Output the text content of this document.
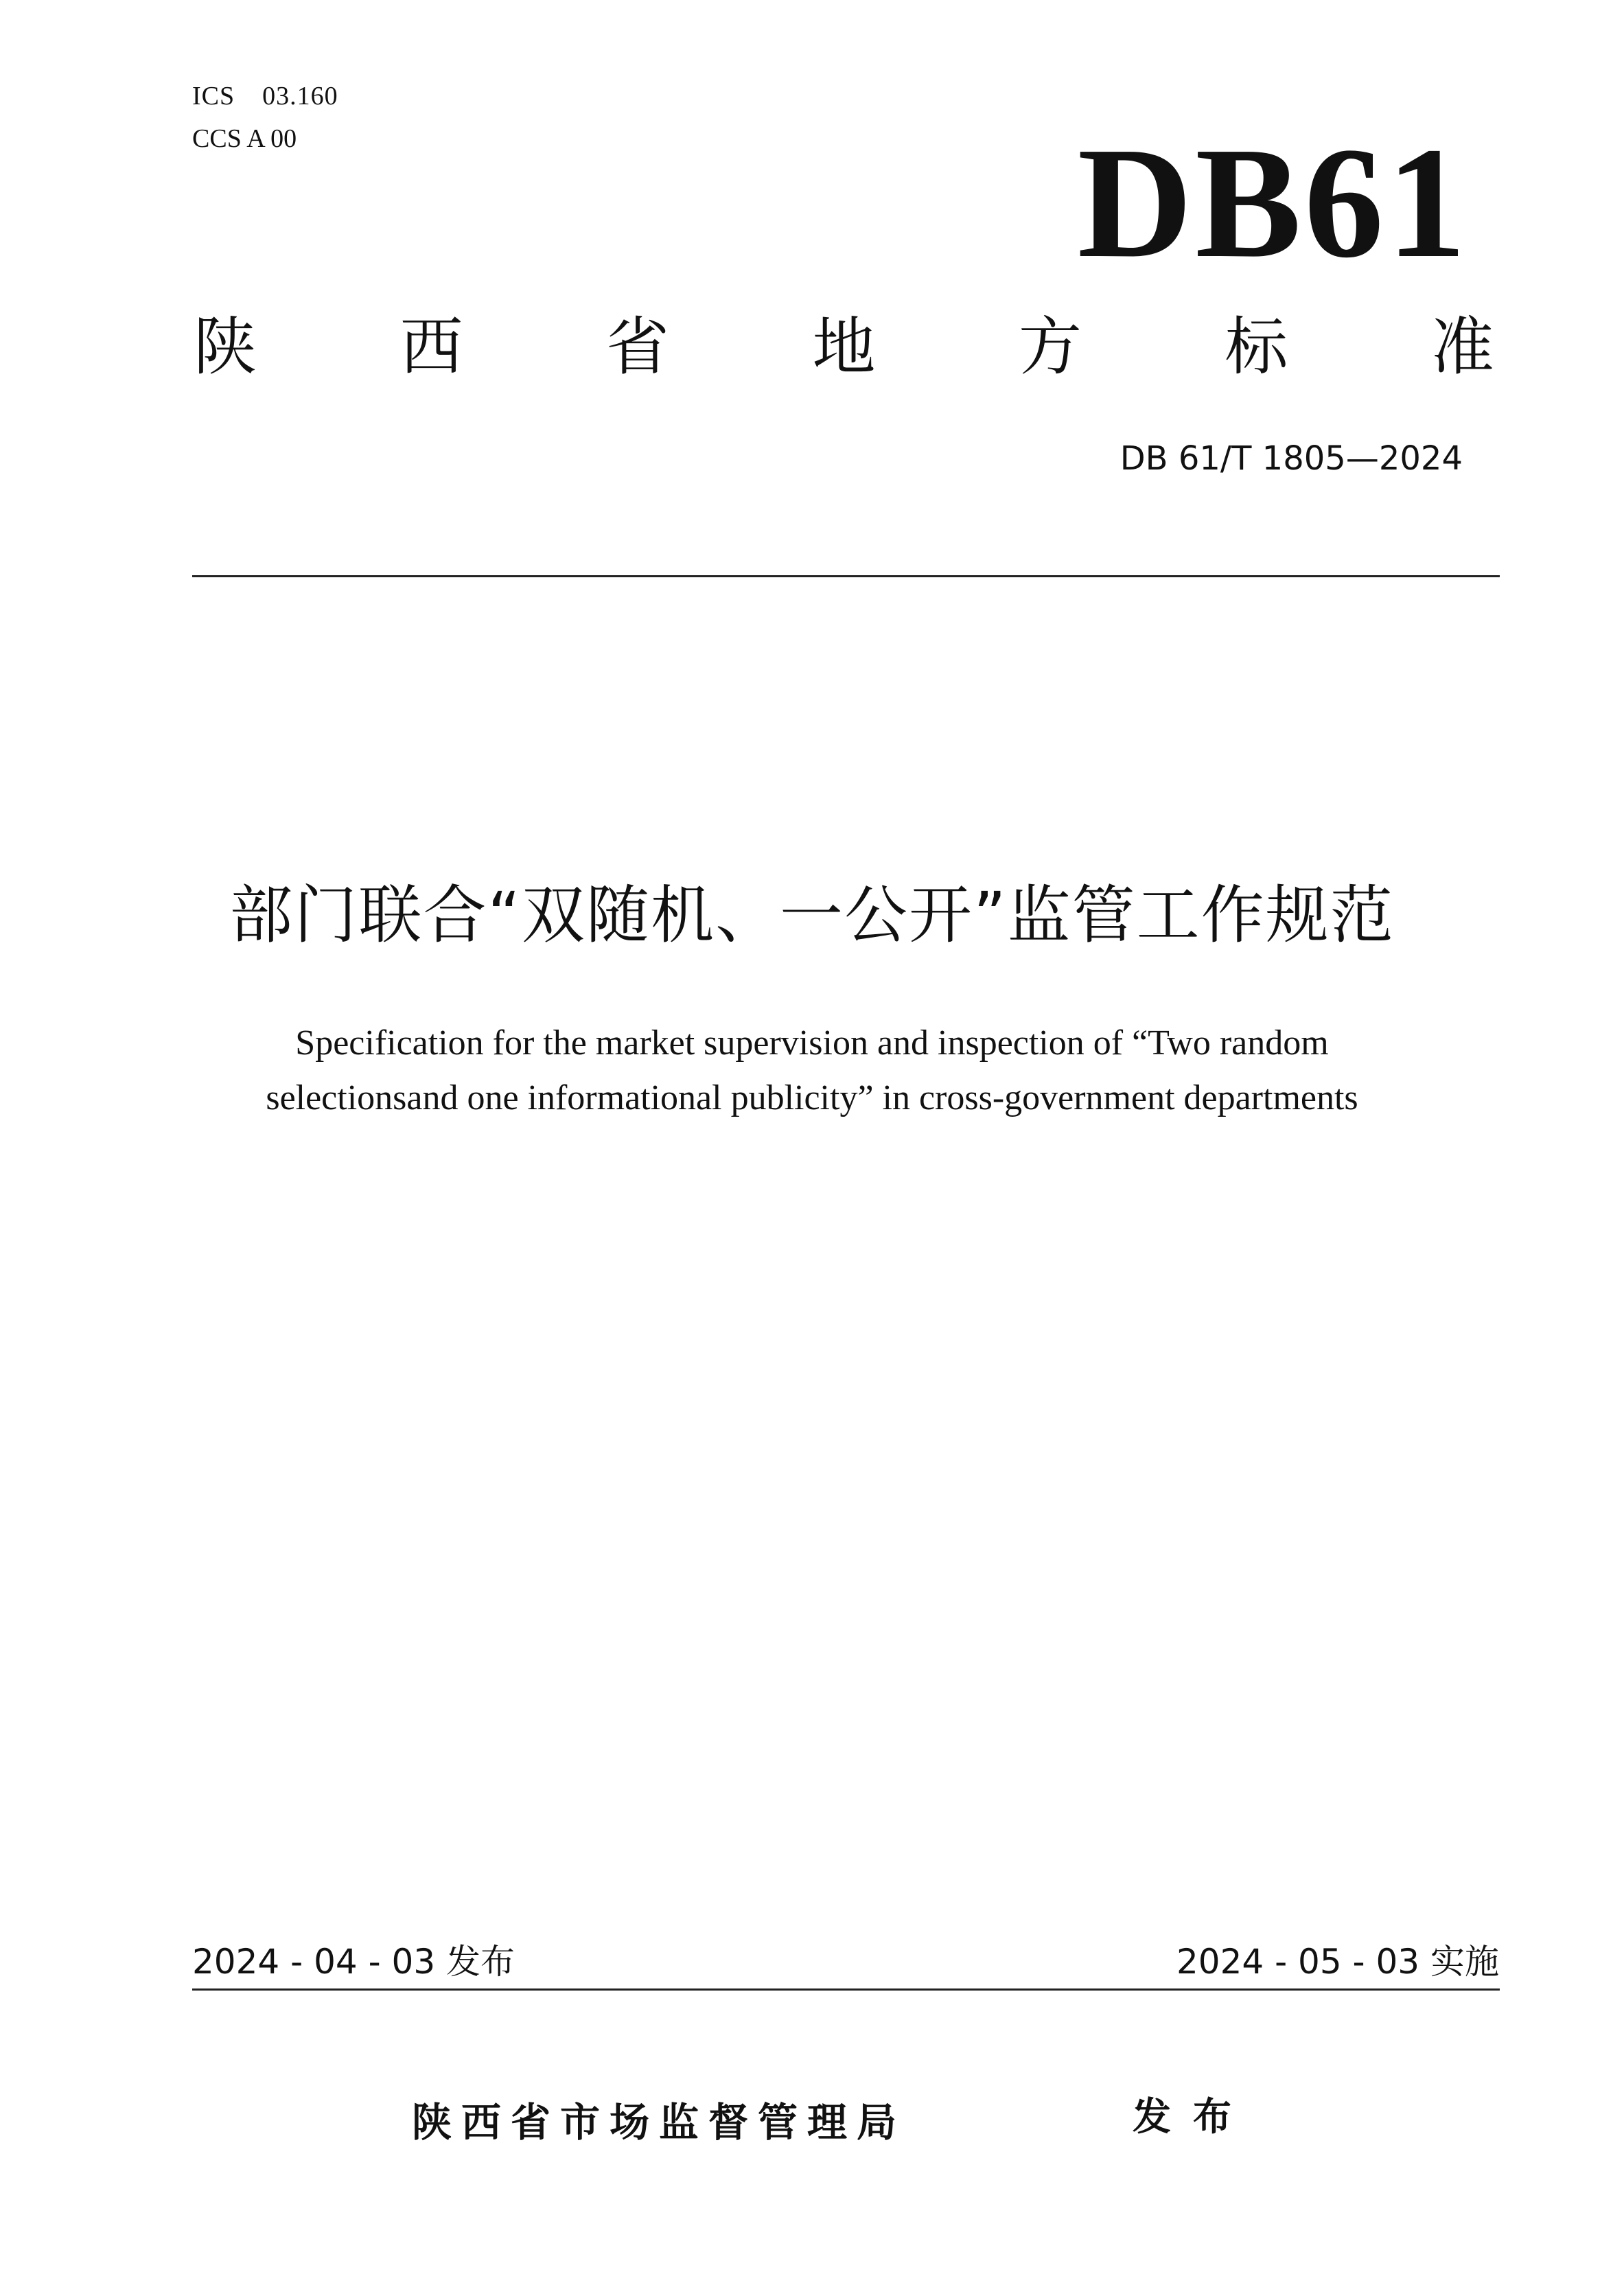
ICS 03.160
CCS A 00	DB61
陕 西 省 地 方 标 准
DB 61/T 1805—2024
部门联合“双随机、一公开”监管工作规范
Specification for the market supervision and inspection of “Two random
selectionsand one informational publicity” in cross-government departments
2024 - 04 - 03 发布	2024 - 05 - 03 实施
陕西省市场监督管理局	发布
